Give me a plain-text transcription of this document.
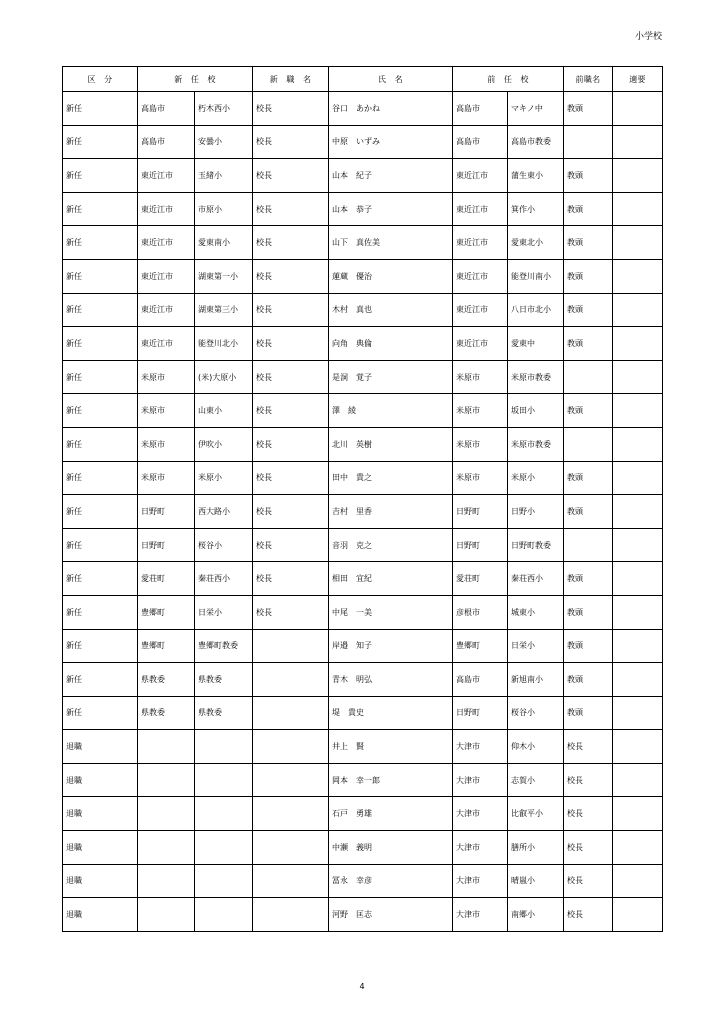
小学校
区　分	新　任　校		新　職　名	氏　名	前　任　校		前職名	適要
新任	高島市	朽木西小	校長	谷口　あかね	高島市	マキノ中	教頭	
新任	高島市	安曇小	校長	中原　いずみ	高島市	高島市教委		
新任	東近江市	玉緒小	校長	山本　紀子	東近江市	蒲生東小	教頭	
新任	東近江市	市原小	校長	山本　恭子	東近江市	箕作小	教頭	
新任	東近江市	愛東南小	校長	山下　真佐美	東近江市	愛東北小	教頭	
新任	東近江市	湖東第一小	校長	蓮蔵　優治	東近江市	能登川南小	教頭	
新任	東近江市	湖東第三小	校長	木村　真也	東近江市	八日市北小	教頭	
新任	東近江市	能登川北小	校長	向角　典倫	東近江市	愛東中	教頭	
新任	米原市	(米)大原小	校長	是洞　覚子	米原市	米原市教委		
新任	米原市	山東小	校長	澤　綾	米原市	坂田小	教頭	
新任	米原市	伊吹小	校長	北川　英樹	米原市	米原市教委		
新任	米原市	米原小	校長	田中　貴之	米原市	米原小	教頭	
新任	日野町	西大路小	校長	吉村　里香	日野町	日野小	教頭	
新任	日野町	桜谷小	校長	音羽　克之	日野町	日野町教委		
新任	愛荘町	秦荘西小	校長	相田　宜紀	愛荘町	秦荘西小	教頭	
新任	豊郷町	日栄小	校長	中尾　一美	彦根市	城東小	教頭	
新任	豊郷町	豊郷町教委		岸邉　知子	豊郷町	日栄小	教頭	
新任	県教委	県教委		青木　明弘	高島市	新旭南小	教頭	
新任	県教委	県教委		堤　貴史	日野町	桜谷小	教頭	
退職				井上　賢	大津市	仰木小	校長	
退職				岡本　幸一郎	大津市	志賀小	校長	
退職				石戸　勇雄	大津市	比叡平小	校長	
退職				中瀬　義明	大津市	膳所小	校長	
退職				冨永　幸彦	大津市	晴嵐小	校長	
退職				河野　匡志	大津市	南郷小	校長	
4
